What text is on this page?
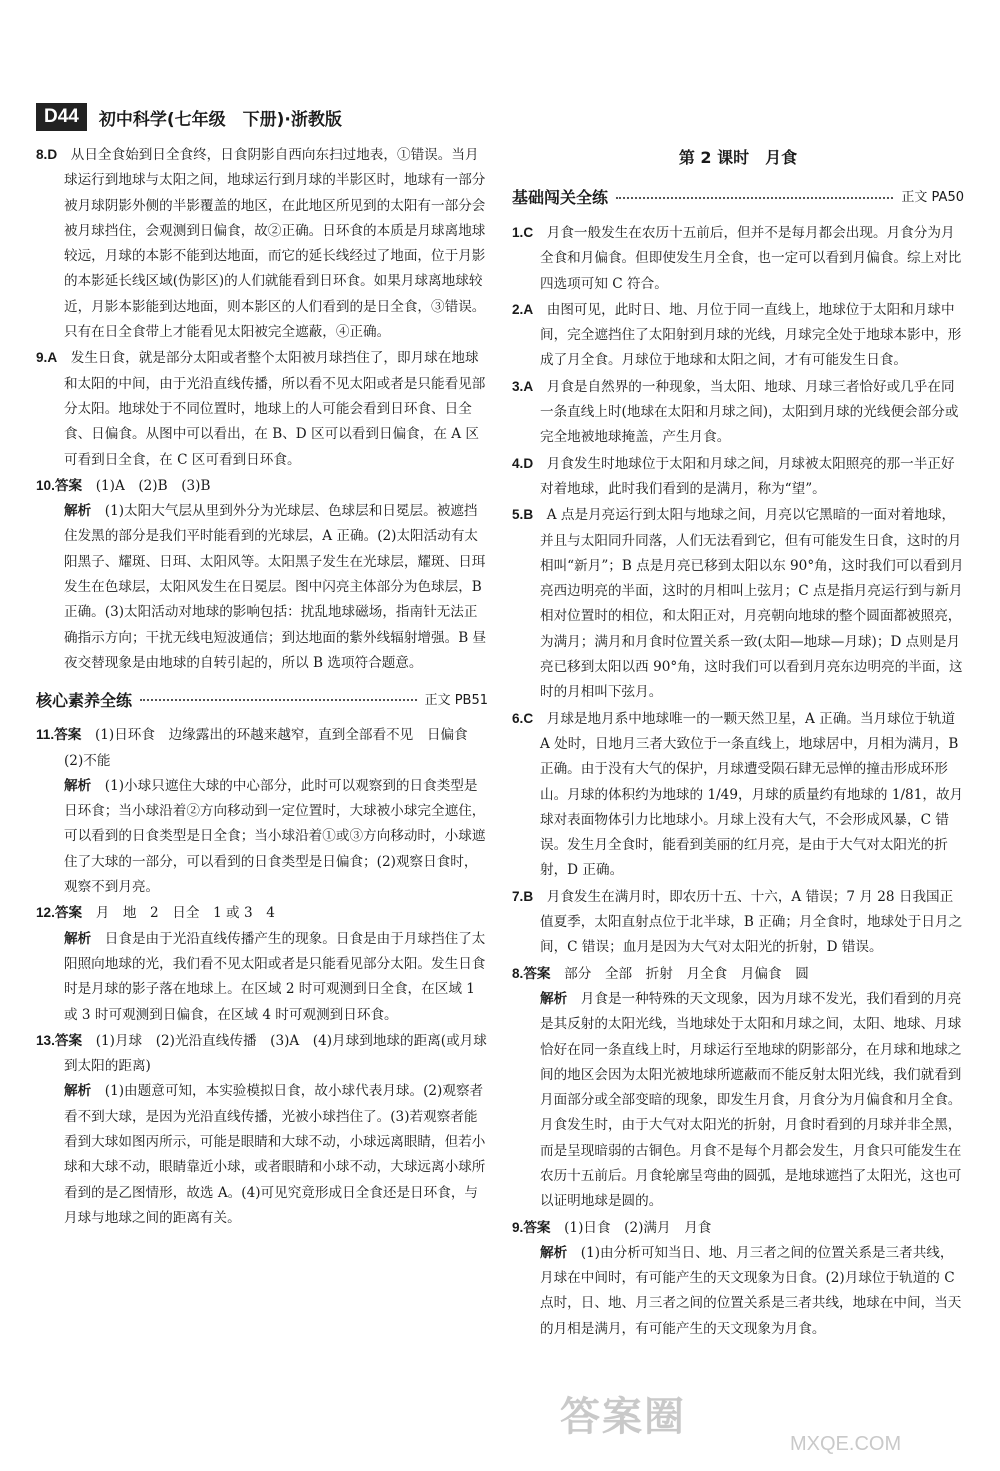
D44	初中科学(七年级　下册)·浙教版

8.D　 从日全食始到日全食终，日食阴影自西向东扫过地表，①错误。当月球运行到地球与太阳之间，地球运行到月球的半影区时，地球有一部分被月球阴影外侧的半影覆盖的地区，在此地区所见到的太阳有一部分会被月球挡住，会观测到日偏食，故②正确。日环食的本质是月球离地球较远，月球的本影不能到达地面，而它的延长线经过了地面，位于月影的本影延长线区域(伪影区)的人们就能看到日环食。如果月球离地球较近，月影本影能到达地面，则本影区的人们看到的是日全食，③错误。只有在日全食带上才能看见太阳被完全遮蔽，④正确。

9.A　 发生日食，就是部分太阳或者整个太阳被月球挡住了，即月球在地球和太阳的中间，由于光沿直线传播，所以看不见太阳或者是只能看见部分太阳。地球处于不同位置时，地球上的人可能会看到日环食、日全食、日偏食。从图中可以看出，在 B、D 区可以看到日偏食，在 A 区可看到日全食，在 C 区可看到日环食。

10.答案　 (1)A　(2)B　(3)B

解析　 (1)太阳大气层从里到外分为光球层、色球层和日冕层。被遮挡住发黑的部分是我们平时能看到的光球层，A 正确。(2)太阳活动有太阳黑子、耀斑、日珥、太阳风等。太阳黑子发生在光球层，耀斑、日珥发生在色球层，太阳风发生在日冕层。图中闪亮主体部分为色球层，B 正确。(3)太阳活动对地球的影响包括：扰乱地球磁场，指南针无法正确指示方向；干扰无线电短波通信；到达地面的紫外线辐射增强。B 昼夜交替现象是由地球的自转引起的，所以 B 选项符合题意。

核心素养全练	正文 PB51

11.答案　 (1)日环食　边缘露出的环越来越窄，直到全部看不见　日偏食　(2)不能

解析　 (1)小球只遮住大球的中心部分，此时可以观察到的日食类型是日环食；当小球沿着②方向移动到一定位置时，大球被小球完全遮住，可以看到的日食类型是日全食；当小球沿着①或③方向移动时，小球遮住了大球的一部分，可以看到的日食类型是日偏食；(2)观察日食时，观察不到月亮。

12.答案　 月　地　2　日全　1 或 3　4

解析　 日食是由于光沿直线传播产生的现象。日食是由于月球挡住了太阳照向地球的光，我们看不见太阳或者是只能看见部分太阳。发生日食时是月球的影子落在地球上。在区域 2 时可观测到日全食，在区域 1 或 3 时可观测到日偏食，在区域 4 时可观测到日环食。

13.答案　 (1)月球　(2)光沿直线传播　(3)A　(4)月球到地球的距离(或月球到太阳的距离)

解析　 (1)由题意可知，本实验模拟日食，故小球代表月球。(2)观察者看不到大球，是因为光沿直线传播，光被小球挡住了。(3)若观察者能看到大球如图丙所示，可能是眼睛和大球不动，小球远离眼睛，但若小球和大球不动，眼睛靠近小球，或者眼睛和小球不动，大球远离小球所看到的是乙图情形，故选 A。(4)可见究竟形成日全食还是日环食，与月球与地球之间的距离有关。

第 2 课时　月食
基础闯关全练	正文 PA50

1.C　 月食一般发生在农历十五前后，但并不是每月都会出现。月食分为月全食和月偏食。但即使发生月全食，也一定可以看到月偏食。综上对比四选项可知 C 符合。

2.A　 由图可见，此时日、地、月位于同一直线上，地球位于太阳和月球中间，完全遮挡住了太阳射到月球的光线，月球完全处于地球本影中，形成了月全食。月球位于地球和太阳之间，才有可能发生日食。

3.A　 月食是自然界的一种现象，当太阳、地球、月球三者恰好或几乎在同一条直线上时(地球在太阳和月球之间)，太阳到月球的光线便会部分或完全地被地球掩盖，产生月食。

4.D　 月食发生时地球位于太阳和月球之间，月球被太阳照亮的那一半正好对着地球，此时我们看到的是满月，称为“望”。

5.B　 A 点是月亮运行到太阳与地球之间，月亮以它黑暗的一面对着地球，并且与太阳同升同落，人们无法看到它，但有可能发生日食，这时的月相叫“新月”；B 点是月亮已移到太阳以东 90°角，这时我们可以看到月亮西边明亮的半面，这时的月相叫上弦月；C 点是指月亮运行到与新月相对位置时的相位，和太阳正对，月亮朝向地球的整个圆面都被照亮，为满月；满月和月食时位置关系一致(太阳—地球—月球)；D 点则是月亮已移到太阳以西 90°角，这时我们可以看到月亮东边明亮的半面，这时的月相叫下弦月。

6.C　 月球是地月系中地球唯一的一颗天然卫星，A 正确。当月球位于轨道 A 处时，日地月三者大致位于一条直线上，地球居中，月相为满月，B 正确。由于没有大气的保护，月球遭受陨石肆无忌惮的撞击形成环形山。月球的体积约为地球的 1/49，月球的质量约有地球的 1/81，故月球对表面物体引力比地球小。月球上没有大气，不会形成风暴，C 错误。发生月全食时，能看到美丽的红月亮，是由于大气对太阳光的折射，D 正确。

7.B　 月食发生在满月时，即农历十五、十六，A 错误；7 月 28 日我国正值夏季，太阳直射点位于北半球，B 正确；月全食时，地球处于日月之间，C 错误；血月是因为大气对太阳光的折射，D 错误。

8.答案　 部分　全部　折射　月全食　月偏食　圆

解析　 月食是一种特殊的天文现象，因为月球不发光，我们看到的月亮是其反射的太阳光线，当地球处于太阳和月球之间，太阳、地球、月球恰好在同一条直线上时，月球运行至地球的阴影部分，在月球和地球之间的地区会因为太阳光被地球所遮蔽而不能反射太阳光线，我们就看到月面部分或全部变暗的现象，即发生月食，月食分为月偏食和月全食。月食发生时，由于大气对太阳光的折射，月食时看到的月球并非全黑，而是呈现暗弱的古铜色。月食不是每个月都会发生，月食只可能发生在农历十五前后。月食轮廓呈弯曲的圆弧，是地球遮挡了太阳光，这也可以证明地球是圆的。

9.答案　 (1)日食　(2)满月　月食

解析　 (1)由分析可知当日、地、月三者之间的位置关系是三者共线，月球在中间时，有可能产生的天文现象为日食。(2)月球位于轨道的 C 点时，日、地、月三者之间的位置关系是三者共线，地球在中间，当天的月相是满月，有可能产生的天文现象为月食。

答案圈
MXQE.COM
